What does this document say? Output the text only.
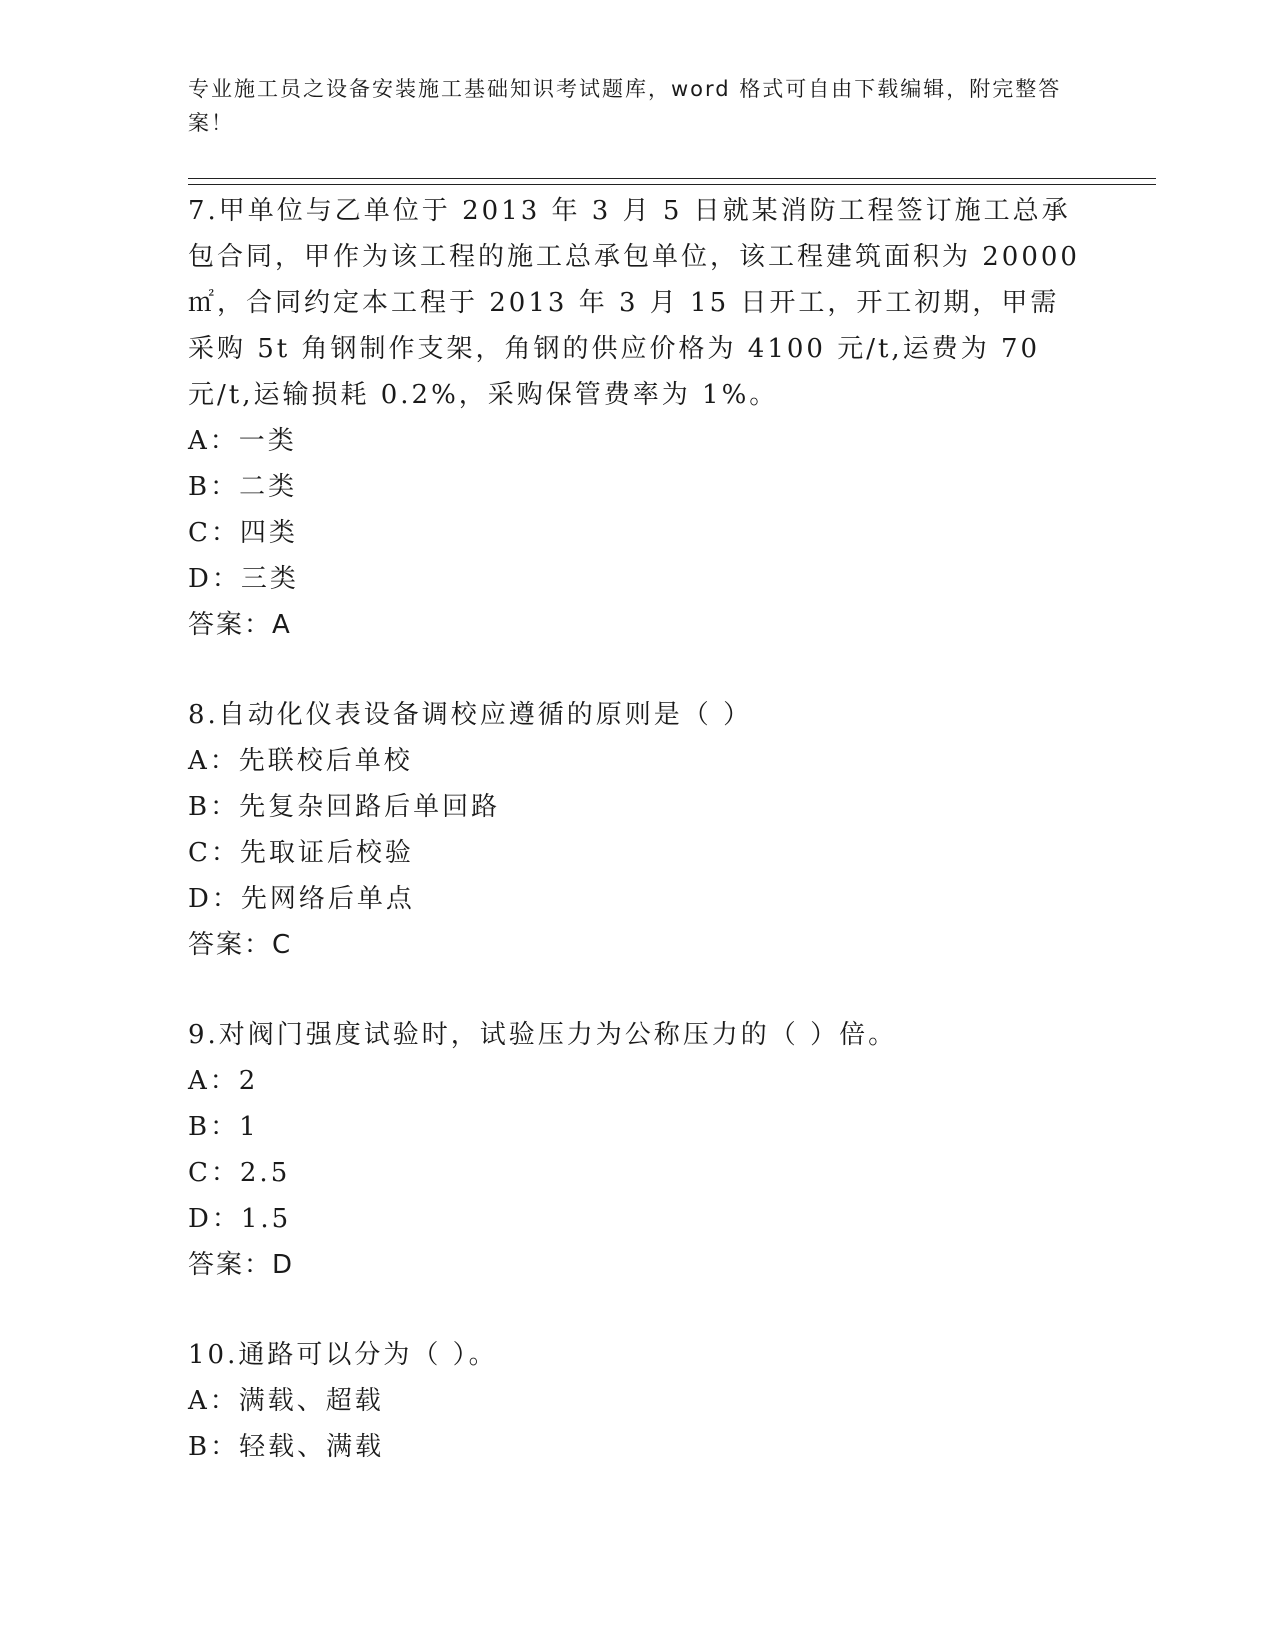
专业施工员之设备安装施工基础知识考试题库，word 格式可自由下载编辑，附完整答案！
7.甲单位与乙单位于 2013 年 3 月 5 日就某消防工程签订施工总承包合同，甲作为该工程的施工总承包单位，该工程建筑面积为 20000㎡，合同约定本工程于 2013 年 3 月 15 日开工，开工初期，甲需采购 5t 角钢制作支架，角钢的供应价格为 4100 元/t,运费为 70 元/t,运输损耗 0.2%，采购保管费率为 1%。
A：一类
B：二类
C：四类
D：三类
答案：A
8.自动化仪表设备调校应遵循的原则是（ ）
A：先联校后单校
B：先复杂回路后单回路
C：先取证后校验
D：先网络后单点
答案：C
9.对阀门强度试验时，试验压力为公称压力的（ ）倍。
A：2
B：1
C：2.5
D：1.5
答案：D
10.通路可以分为（ ）。
A：满载、超载
B：轻载、满载
